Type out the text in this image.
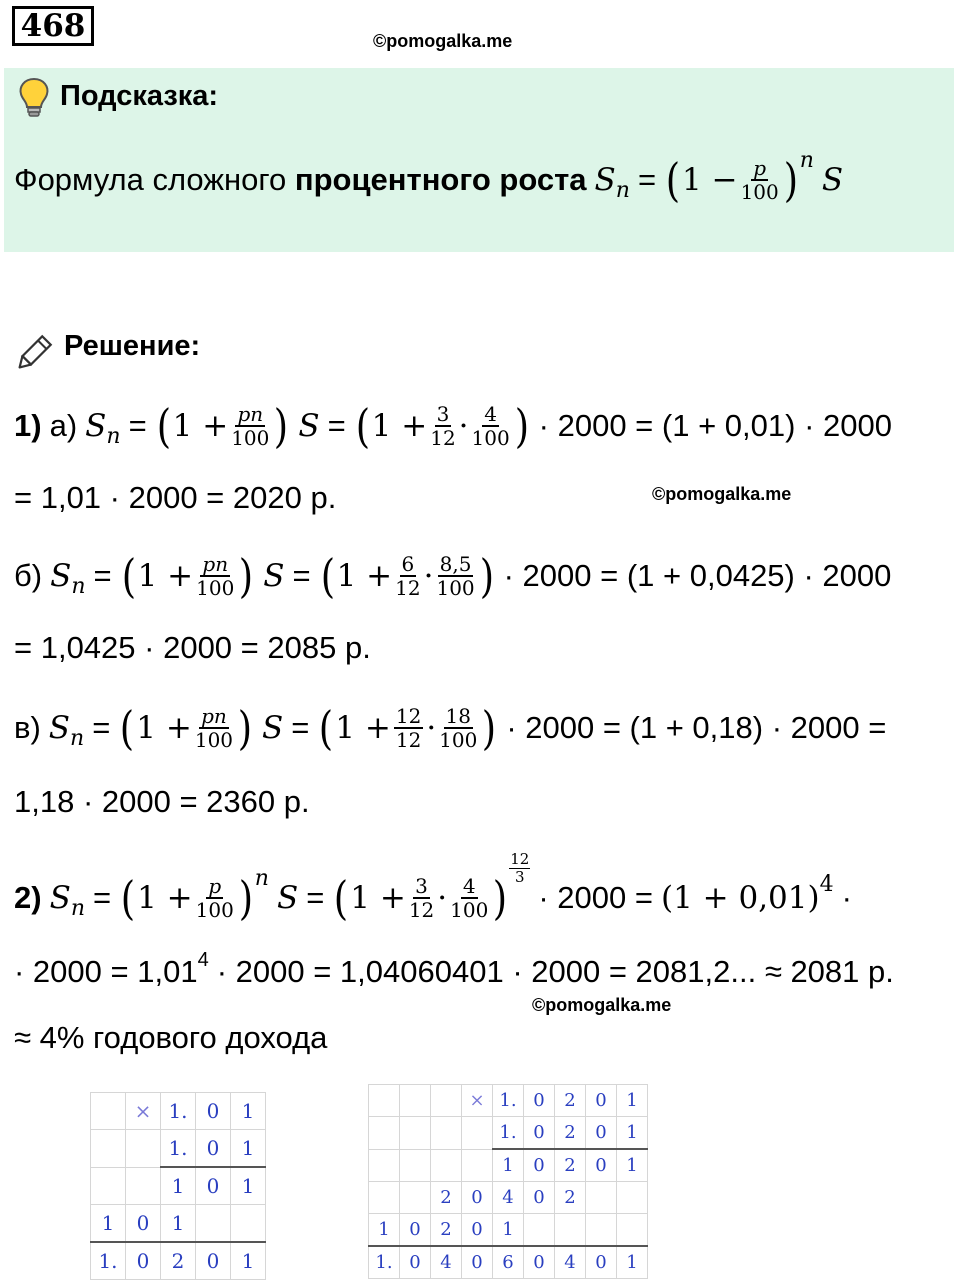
468	©pomogalka.me
Подсказка:
Формула сложного процентного роста S n = ( $1 - \frac{p}{100}$ ) n
S
Решение:
1) а) S n = ( $1 + \frac{pn}{100}$ ) S = ( $1 + \frac{3}{12} \cdot \frac{4}{100}$ ) · 2000 = (1 + 0,01) · 2000
= 1,01 · 2000 = 2020 р.	©pomogalka.me
б) S n = ( $1 + \frac{pn}{100}$ ) S = ( $1 + \frac{6}{12} \cdot \frac{8,5}{100}$ ) · 2000 = (1 + 0,0425) · 2000
= 1,0425 · 2000 = 2085 р.
в) S n = ( $1 + \frac{pn}{100}$ ) S = ( $1 + \frac{12}{12} \cdot \frac{18}{100}$ ) · 2000 = (1 + 0,18) · 2000 =
1,18 · 2000 = 2360 р.
2) S n = ( $1 + \frac{p}{100}$ ) n
S = ( $1 + \frac{3}{12} \cdot \frac{4}{100}$ )
12
3
· 2000 = (1 + 0,01) 4 ·
· 2000 = 1,01 4 · 2000 = 1,04060401 · 2000 = 2081,2... ≈ 2081 р.
©pomogalka.me
≈ 4% годового дохода
	×	1.	0	1
		1.	0	1
		1	0	1
1	0	1		
1.	0	2	0	1
			×	1.	0	2	0	1
				1.	0	2	0	1
				1	0	2	0	1
		2	0	4	0	2		
1	0	2	0	1				
1.	0	4	0	6	0	4	0	1
